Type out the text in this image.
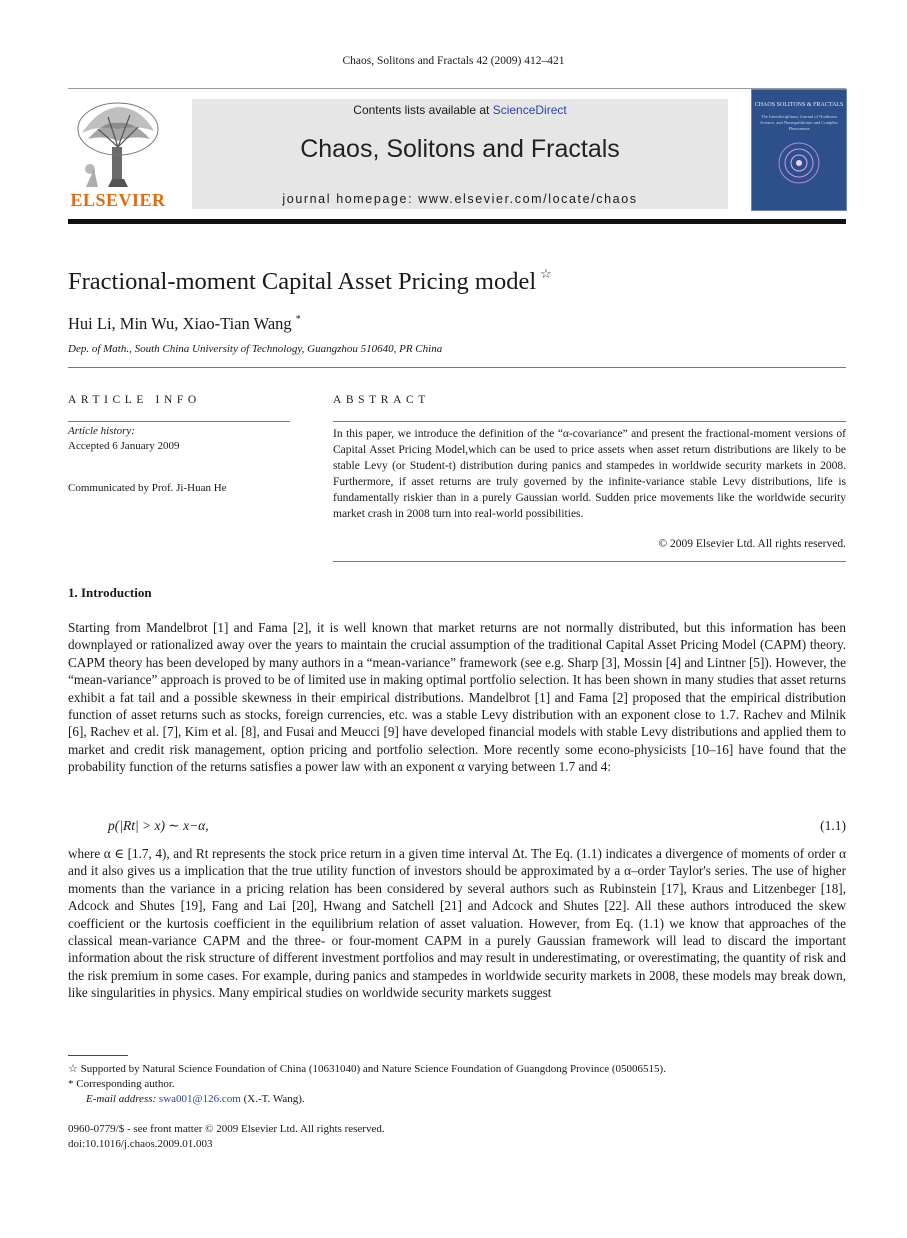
Chaos, Solitons and Fractals 42 (2009) 412–421
ELSEVIER
Contents lists available at ScienceDirect
Chaos, Solitons and Fractals
journal homepage: www.elsevier.com/locate/chaos
CHAOS SOLITONS & FRACTALS
The Interdisciplinary Journal of Nonlinear Science, and Nonequilibrium and Complex Phenomena
Fractional-moment Capital Asset Pricing model ☆
Hui Li, Min Wu, Xiao-Tian Wang *
Dep. of Math., South China University of Technology, Guangzhou 510640, PR China
ARTICLE INFO
Article history:
Accepted 6 January 2009
Communicated by Prof. Ji-Huan He
ABSTRACT
In this paper, we introduce the definition of the “α-covariance” and present the fractional-moment versions of Capital Asset Pricing Model,which can be used to price assets when asset return distributions are likely to be stable Levy (or Student-t) distribution during panics and stampedes in worldwide security markets in 2008. Furthermore, if asset returns are truly governed by the infinite-variance stable Levy distributions, life is fundamentally riskier than in a purely Gaussian world. Sudden price movements like the worldwide security market crash in 2008 turn into real-world possibilities.
© 2009 Elsevier Ltd. All rights reserved.
1. Introduction
Starting from Mandelbrot [1] and Fama [2], it is well known that market returns are not normally distributed, but this information has been downplayed or rationalized away over the years to maintain the crucial assumption of the traditional Capital Asset Pricing Model (CAPM) theory. CAPM theory has been developed by many authors in a “mean-variance” framework (see e.g. Sharp [3], Mossin [4] and Lintner [5]). However, the “mean-variance” approach is proved to be of limited use in making optimal portfolio selection. It has been shown in many studies that asset returns exhibit a fat tail and a possible skewness in their empirical distributions. Mandelbrot [1] and Fama [2] proposed that the empirical distribution function of asset returns such as stocks, foreign currencies, etc. was a stable Levy distribution with an exponent close to 1.7. Rachev and Milnik [6], Rachev et al. [7], Kim et al. [8], and Fusai and Meucci [9] have developed financial models with stable Levy distributions and applied them to market and credit risk management, option pricing and portfolio selection. More recently some econo-physicists [10–16] have found that the probability function of the returns satisfies a power law with an exponent α varying between 1.7 and 4:
p(|Rt| > x) ∼ x−α,	(1.1)
where α ∈ [1.7, 4), and Rt represents the stock price return in a given time interval Δt. The Eq. (1.1) indicates a divergence of moments of order α and it also gives us a implication that the true utility function of investors should be approximated by a α–order Taylor's series. The use of higher moments than the variance in a pricing relation has been considered by several authors such as Rubinstein [17], Kraus and Litzenbeger [18], Adcock and Shutes [19], Fang and Lai [20], Hwang and Satchell [21] and Adcock and Shutes [22]. All these authors introduced the skew coefficient or the kurtosis coefficient in the equilibrium relation of asset valuation. However, from Eq. (1.1) we know that approaches of the classical mean-variance CAPM and the three- or four-moment CAPM in a purely Gaussian framework will lead to discard the important information about the risk structure of different investment portfolios and may result in underestimating, or overestimating, the quantity of risk and the risk premium in some cases. For example, during panics and stampedes in worldwide security markets in 2008, these models may break down, like singularities in physics. Many empirical studies on worldwide security markets suggest
☆ Supported by Natural Science Foundation of China (10631040) and Nature Science Foundation of Guangdong Province (05006515).
* Corresponding author.
E-mail address: swa001@126.com (X.-T. Wang).
0960-0779/$ - see front matter © 2009 Elsevier Ltd. All rights reserved.
doi:10.1016/j.chaos.2009.01.003
